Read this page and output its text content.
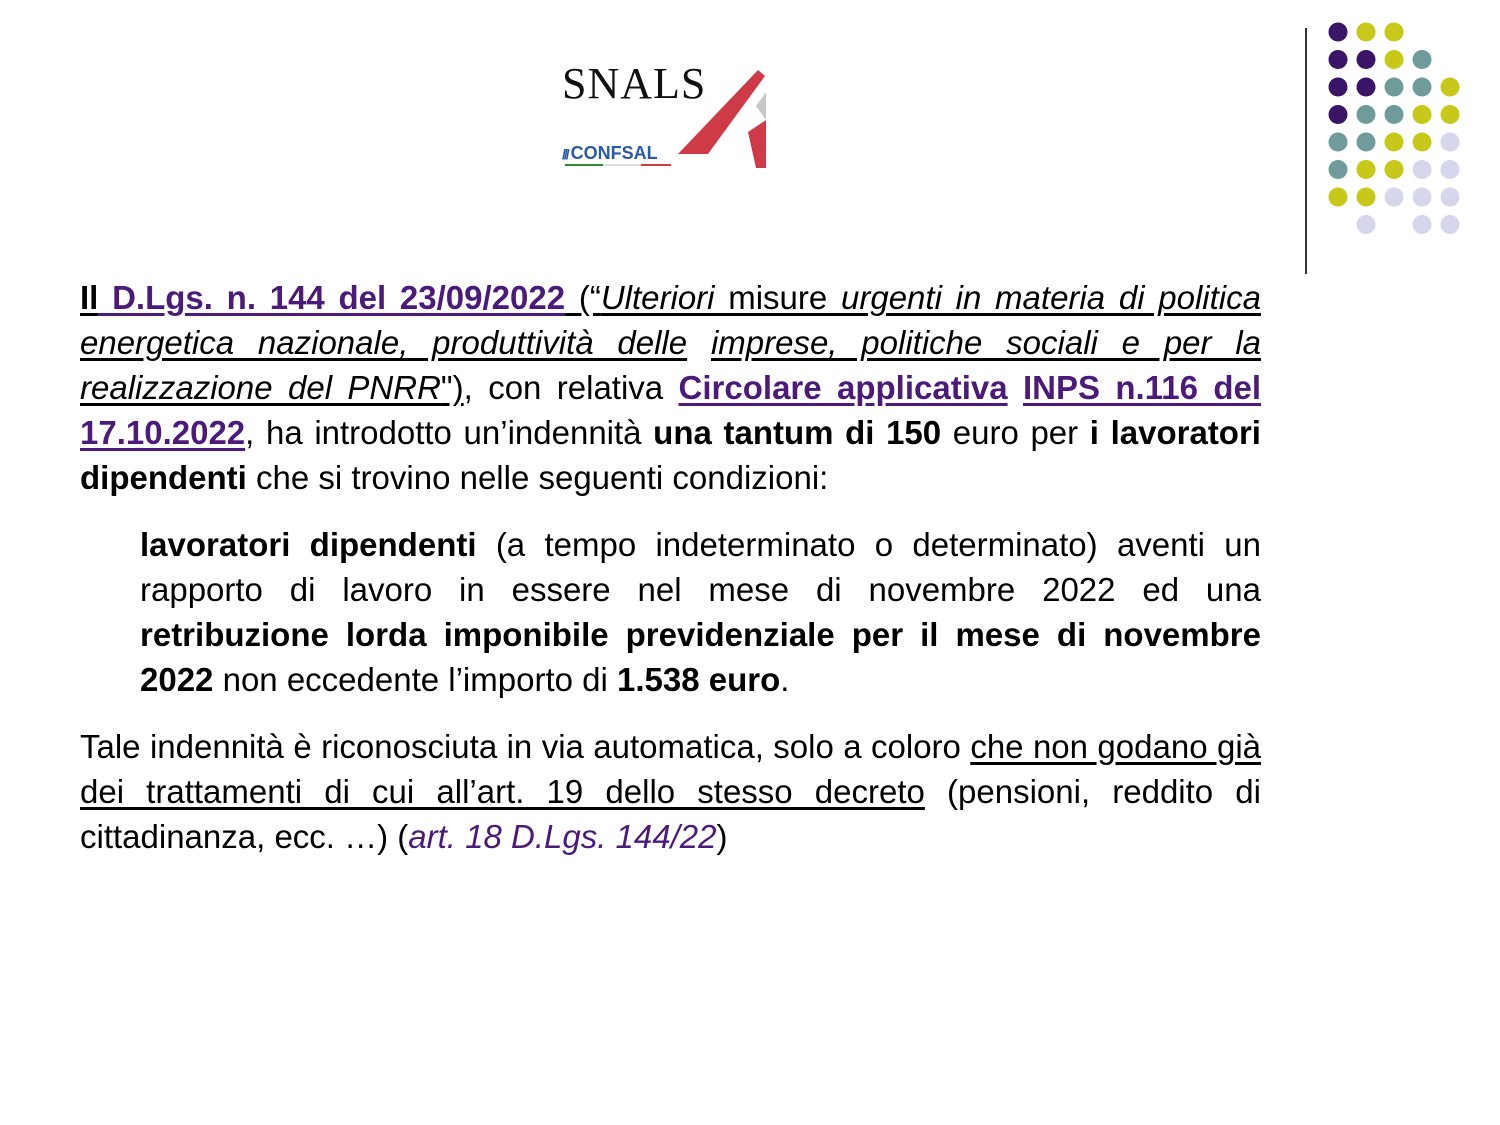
SNALS
/// CONFSAL

Il D.Lgs. n. 144 del 23/09/2022 (“Ulteriori misure urgenti in materia di politica energetica nazionale, produttività delle imprese, politiche sociali e per la realizzazione del PNRR"), con relativa Circolare applicativa INPS n.116 del 17.10.2022, ha introdotto un’indennità una tantum di 150 euro per i lavoratori dipendenti che si trovino nelle seguenti condizioni:

lavoratori dipendenti (a tempo indeterminato o determinato) aventi un rapporto di lavoro in essere nel mese di novembre 2022 ed una retribuzione lorda imponibile previdenziale per il mese di novembre 2022 non eccedente l’importo di 1.538 euro.

Tale indennità è riconosciuta in via automatica, solo a coloro che non godano già dei trattamenti di cui all’art. 19 dello stesso decreto (pensioni, reddito di cittadinanza, ecc. …) (art. 18 D.Lgs. 144/22)
